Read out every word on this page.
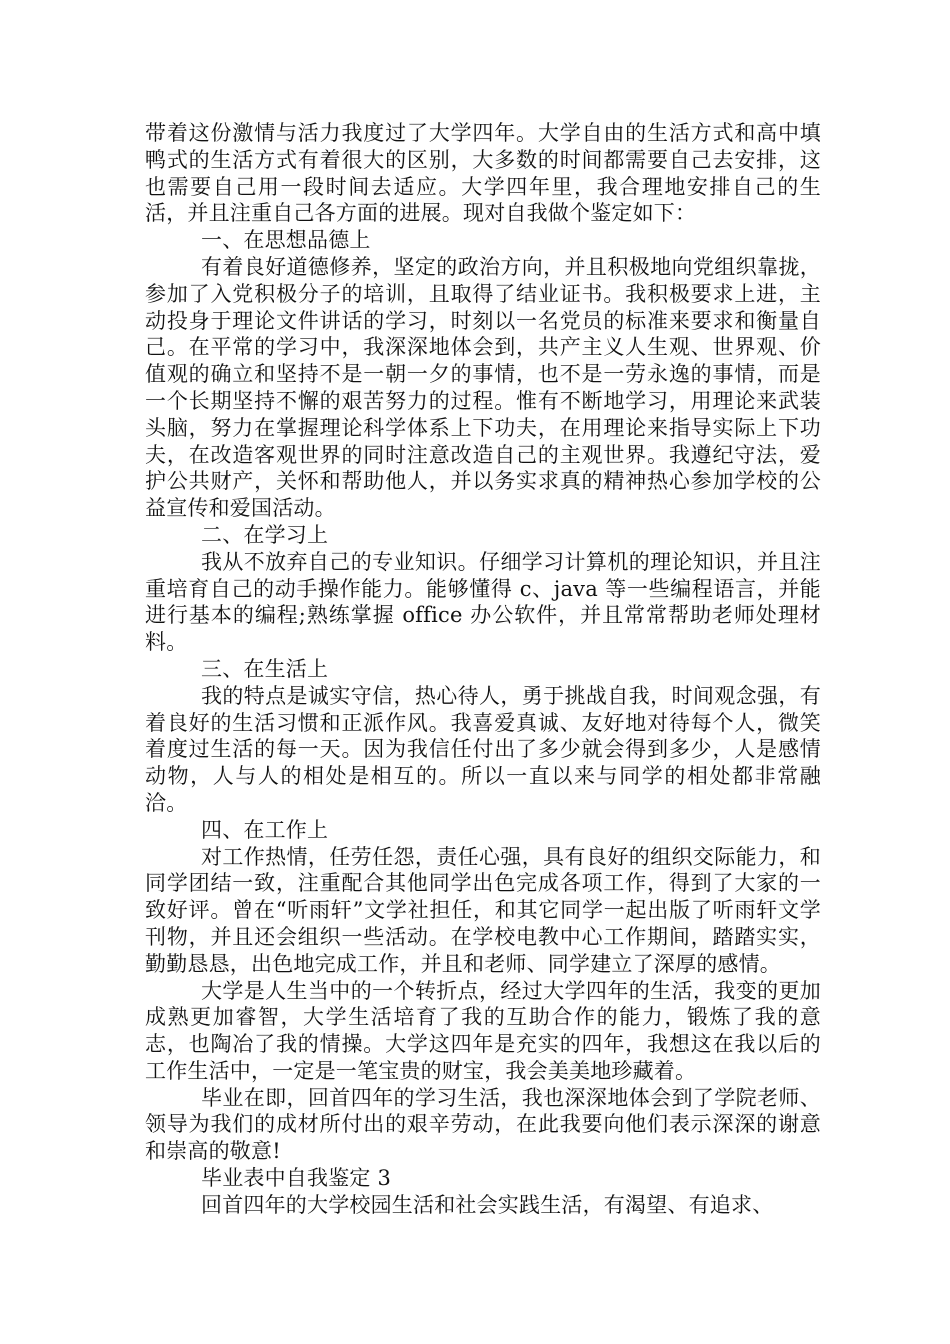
带着这份激情与活力我度过了大学四年。大学自由的生活方式和高中填鸭式的生活方式有着很大的区别，大多数的时间都需要自己去安排，这也需要自己用一段时间去适应。大学四年里，我合理地安排自己的生活，并且注重自己各方面的进展。现对自我做个鉴定如下：

一、在思想品德上

有着良好道德修养，坚定的政治方向，并且积极地向党组织靠拢，参加了入党积极分子的培训，且取得了结业证书。我积极要求上进，主动投身于理论文件讲话的学习，时刻以一名党员的标准来要求和衡量自己。在平常的学习中，我深深地体会到，共产主义人生观、世界观、价值观的确立和坚持不是一朝一夕的事情，也不是一劳永逸的事情，而是一个长期坚持不懈的艰苦努力的过程。惟有不断地学习，用理论来武装头脑，努力在掌握理论科学体系上下功夫，在用理论来指导实际上下功夫，在改造客观世界的同时注意改造自己的主观世界。我遵纪守法，爱护公共财产，关怀和帮助他人，并以务实求真的精神热心参加学校的公益宣传和爱国活动。

二、在学习上

我从不放弃自己的专业知识。仔细学习计算机的理论知识，并且注重培育自己的动手操作能力。能够懂得 c、java 等一些编程语言，并能进行基本的编程;熟练掌握 office 办公软件，并且常常帮助老师处理材料。

三、在生活上

我的特点是诚实守信，热心待人，勇于挑战自我，时间观念强，有着良好的生活习惯和正派作风。我喜爱真诚、友好地对待每个人，微笑着度过生活的每一天。因为我信任付出了多少就会得到多少，人是感情动物，人与人的相处是相互的。所以一直以来与同学的相处都非常融洽。

四、在工作上

对工作热情，任劳任怨，责任心强，具有良好的组织交际能力，和同学团结一致，注重配合其他同学出色完成各项工作，得到了大家的一致好评。曾在“听雨轩”文学社担任，和其它同学一起出版了听雨轩文学刊物，并且还会组织一些活动。在学校电教中心工作期间，踏踏实实，勤勤恳恳，出色地完成工作，并且和老师、同学建立了深厚的感情。

大学是人生当中的一个转折点，经过大学四年的生活，我变的更加成熟更加睿智，大学生活培育了我的互助合作的能力，锻炼了我的意志，也陶冶了我的情操。大学这四年是充实的四年，我想这在我以后的工作生活中，一定是一笔宝贵的财宝，我会美美地珍藏着。

毕业在即，回首四年的学习生活，我也深深地体会到了学院老师、领导为我们的成材所付出的艰辛劳动，在此我要向他们表示深深的谢意和崇高的敬意!

毕业表中自我鉴定 3

回首四年的大学校园生活和社会实践生活，有渴望、有追求、
